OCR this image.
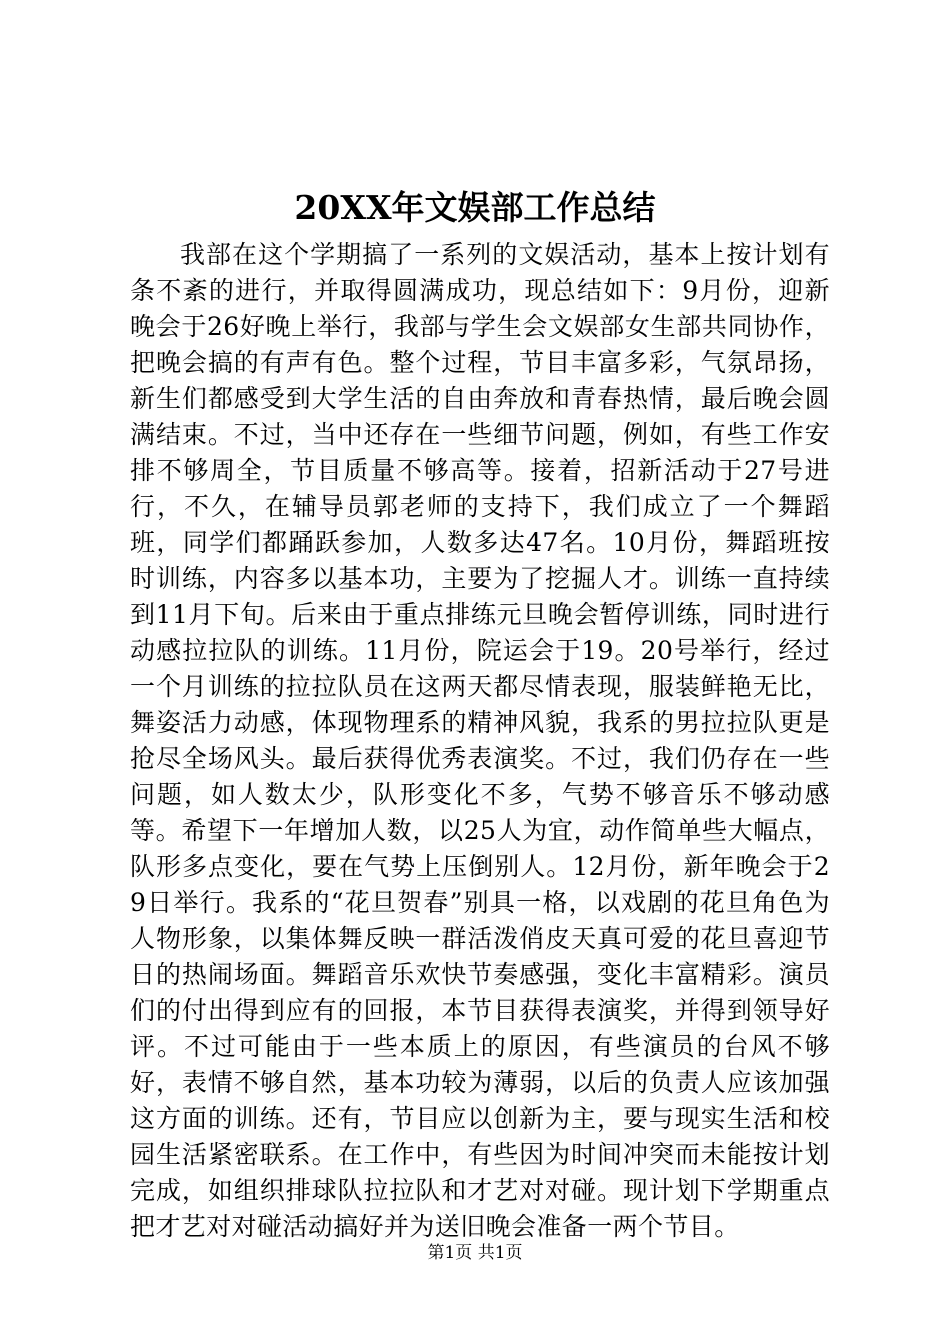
20XX年文娱部工作总结

我部在这个学期搞了一系列的文娱活动，基本上按计划有条不紊的进行，并取得圆满成功，现总结如下：9月份，迎新晚会于26好晚上举行，我部与学生会文娱部女生部共同协作，把晚会搞的有声有色。整个过程，节目丰富多彩，气氛昂扬，新生们都感受到大学生活的自由奔放和青春热情，最后晚会圆满结束。不过，当中还存在一些细节问题，例如，有些工作安排不够周全，节目质量不够高等。接着，招新活动于27号进行，不久，在辅导员郭老师的支持下，我们成立了一个舞蹈班，同学们都踊跃参加，人数多达47名。10月份，舞蹈班按时训练，内容多以基本功，主要为了挖掘人才。训练一直持续到11月下旬。后来由于重点排练元旦晚会暂停训练，同时进行动感拉拉队的训练。11月份，院运会于19。20号举行，经过一个月训练的拉拉队员在这两天都尽情表现，服装鲜艳无比，舞姿活力动感，体现物理系的精神风貌，我系的男拉拉队更是抢尽全场风头。最后获得优秀表演奖。不过，我们仍存在一些问题，如人数太少，队形变化不多，气势不够音乐不够动感等。希望下一年增加人数，以25人为宜，动作简单些大幅点，队形多点变化，要在气势上压倒别人。12月份，新年晚会于29日举行。我系的“花旦贺春”别具一格，以戏剧的花旦角色为人物形象，以集体舞反映一群活泼俏皮天真可爱的花旦喜迎节日的热闹场面。舞蹈音乐欢快节奏感强，变化丰富精彩。演员们的付出得到应有的回报，本节目获得表演奖，并得到领导好评。不过可能由于一些本质上的原因，有些演员的台风不够好，表情不够自然，基本功较为薄弱，以后的负责人应该加强这方面的训练。还有，节目应以创新为主，要与现实生活和校园生活紧密联系。在工作中，有些因为时间冲突而未能按计划完成，如组织排球队拉拉队和才艺对对碰。现计划下学期重点把才艺对对碰活动搞好并为送旧晚会准备一两个节目。

第1页 共1页
